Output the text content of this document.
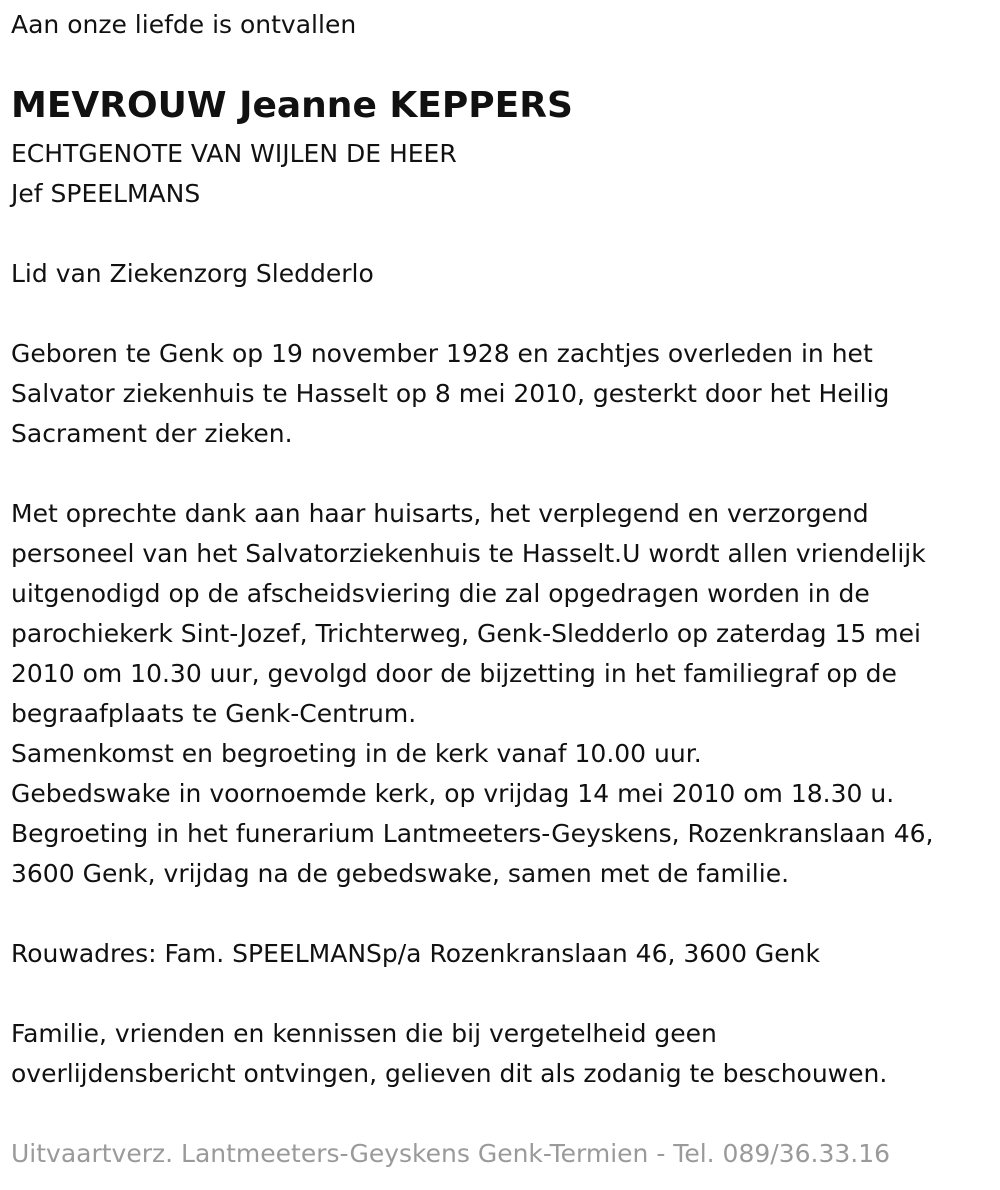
Aan onze liefde is ontvallen
MEVROUW Jeanne KEPPERS
ECHTGENOTE VAN WIJLEN DE HEER
Jef SPEELMANS
Lid van Ziekenzorg Sledderlo
Geboren te Genk op 19 november 1928 en zachtjes overleden in het
Salvator ziekenhuis te Hasselt op 8 mei 2010, gesterkt door het Heilig
Sacrament der zieken.
Met oprechte dank aan haar huisarts, het verplegend en verzorgend
personeel van het Salvatorziekenhuis te Hasselt.U wordt allen vriendelijk
uitgenodigd op de afscheidsviering die zal opgedragen worden in de
parochiekerk Sint-Jozef, Trichterweg, Genk-Sledderlo op zaterdag 15 mei
2010 om 10.30 uur, gevolgd door de bijzetting in het familiegraf op de
begraafplaats te Genk-Centrum.
Samenkomst en begroeting in de kerk vanaf 10.00 uur.
Gebedswake in voornoemde kerk, op vrijdag 14 mei 2010 om 18.30 u.
Begroeting in het funerarium Lantmeeters-Geyskens, Rozenkranslaan 46,
3600 Genk, vrijdag na de gebedswake, samen met de familie.
Rouwadres: Fam. SPEELMANSp/a Rozenkranslaan 46, 3600 Genk
Familie, vrienden en kennissen die bij vergetelheid geen
overlijdensbericht ontvingen, gelieven dit als zodanig te beschouwen.
Uitvaartverz. Lantmeeters-Geyskens Genk-Termien - Tel. 089/36.33.16
